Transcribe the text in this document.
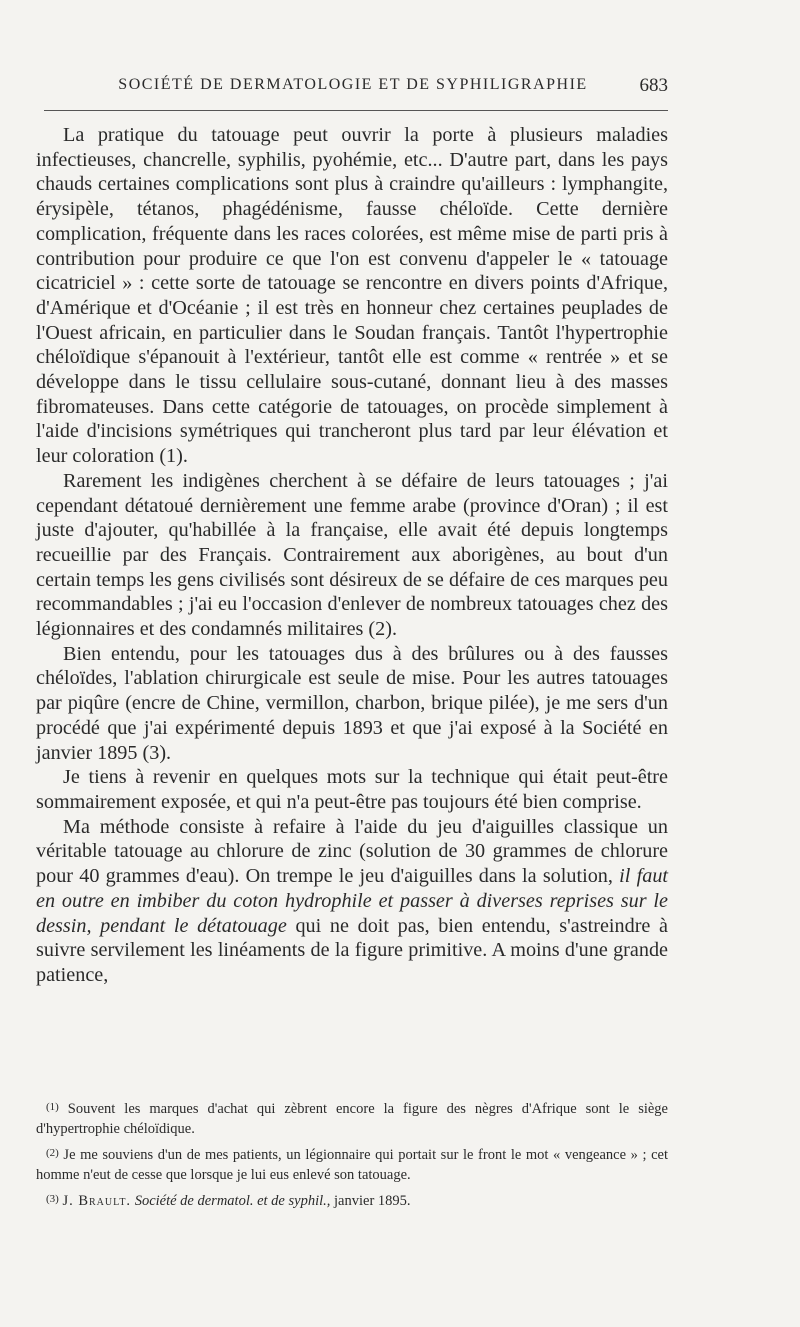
SOCIÉTÉ DE DERMATOLOGIE ET DE SYPHILIGRAPHIE	683

La pratique du tatouage peut ouvrir la porte à plusieurs maladies infectieuses, chancrelle, syphilis, pyohémie, etc... D'autre part, dans les pays chauds certaines complications sont plus à craindre qu'ailleurs : lymphangite, érysipèle, tétanos, phagédénisme, fausse chéloïde. Cette dernière complication, fréquente dans les races colorées, est même mise de parti pris à contribution pour produire ce que l'on est convenu d'appeler le « tatouage cicatriciel » : cette sorte de tatouage se rencontre en divers points d'Afrique, d'Amérique et d'Océanie ; il est très en honneur chez certaines peuplades de l'Ouest africain, en particulier dans le Soudan français. Tantôt l'hypertrophie chéloïdique s'épanouit à l'extérieur, tantôt elle est comme « rentrée » et se développe dans le tissu cellulaire sous-cutané, donnant lieu à des masses fibromateuses. Dans cette catégorie de tatouages, on procède simplement à l'aide d'incisions symétriques qui trancheront plus tard par leur élévation et leur coloration (1).

Rarement les indigènes cherchent à se défaire de leurs tatouages ; j'ai cependant détatoué dernièrement une femme arabe (province d'Oran) ; il est juste d'ajouter, qu'habillée à la française, elle avait été depuis longtemps recueillie par des Français. Contrairement aux aborigènes, au bout d'un certain temps les gens civilisés sont désireux de se défaire de ces marques peu recommandables ; j'ai eu l'occasion d'enlever de nombreux tatouages chez des légionnaires et des condamnés militaires (2).

Bien entendu, pour les tatouages dus à des brûlures ou à des fausses chéloïdes, l'ablation chirurgicale est seule de mise. Pour les autres tatouages par piqûre (encre de Chine, vermillon, charbon, brique pilée), je me sers d'un procédé que j'ai expérimenté depuis 1893 et que j'ai exposé à la Société en janvier 1895 (3).

Je tiens à revenir en quelques mots sur la technique qui était peut-être sommairement exposée, et qui n'a peut-être pas toujours été bien comprise.

Ma méthode consiste à refaire à l'aide du jeu d'aiguilles classique un véritable tatouage au chlorure de zinc (solution de 30 grammes de chlorure pour 40 grammes d'eau). On trempe le jeu d'aiguilles dans la solution, il faut en outre en imbiber du coton hydrophile et passer à diverses reprises sur le dessin, pendant le détatouage qui ne doit pas, bien entendu, s'astreindre à suivre servilement les linéaments de la figure primitive. A moins d'une grande patience,

$^{(1)}$ Souvent les marques d'achat qui zèbrent encore la figure des nègres d'Afrique sont le siège d'hypertrophie chéloïdique.

$^{(2)}$ Je me souviens d'un de mes patients, un légionnaire qui portait sur le front le mot « vengeance » ; cet homme n'eut de cesse que lorsque je lui eus enlevé son tatouage.

$^{(3)}$ J. Brault. Société de dermatol. et de syphil., janvier 1895.
